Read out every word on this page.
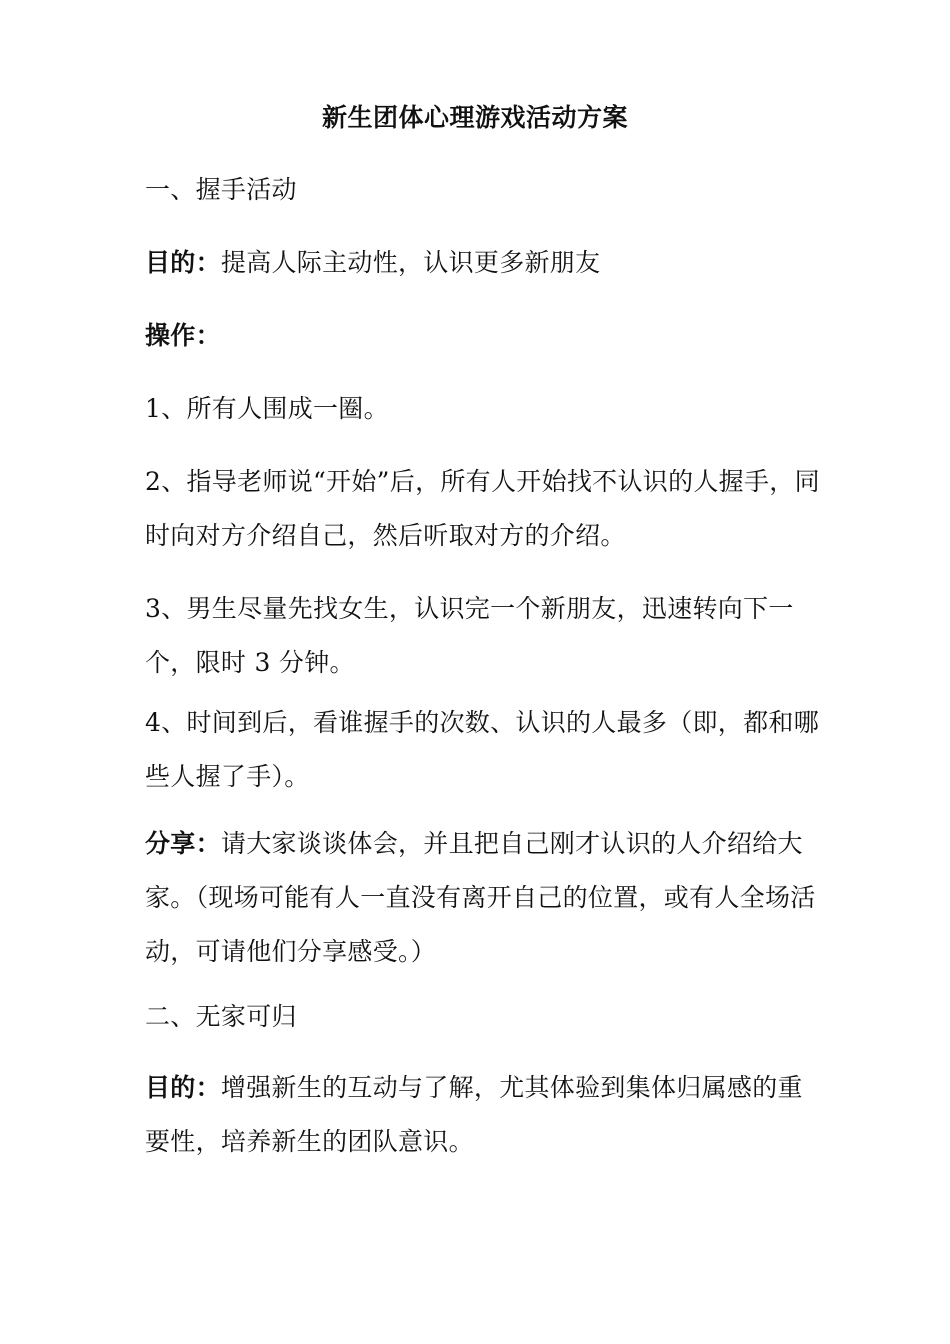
新生团体心理游戏活动方案
一、握手活动
目的：提高人际主动性，认识更多新朋友
操作：
1、所有人围成一圈。
2、指导老师说“开始”后，所有人开始找不认识的人握手，同时向对方介绍自己，然后听取对方的介绍。
3、男生尽量先找女生，认识完一个新朋友，迅速转向下一个，限时 3 分钟。
4、时间到后，看谁握手的次数、认识的人最多（即，都和哪些人握了手）。
分享：请大家谈谈体会，并且把自己刚才认识的人介绍给大家。（现场可能有人一直没有离开自己的位置，或有人全场活动，可请他们分享感受。）
二、无家可归
目的：增强新生的互动与了解，尤其体验到集体归属感的重要性，培养新生的团队意识。
